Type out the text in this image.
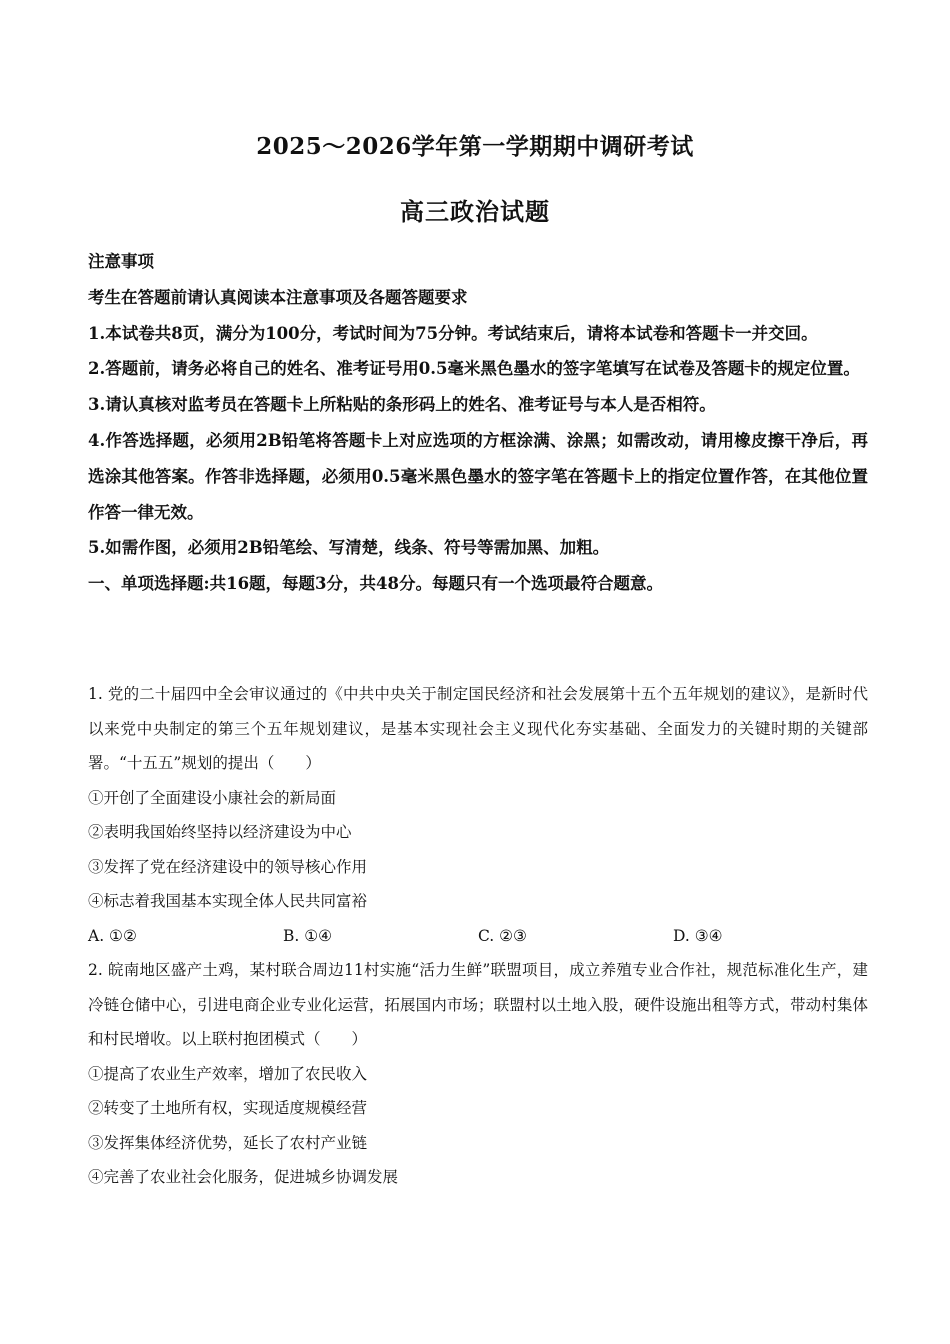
2025～2026学年第一学期期中调研考试
高三政治试题

注意事项

考生在答题前请认真阅读本注意事项及各题答题要求

1.本试卷共8页，满分为100分，考试时间为75分钟。考试结束后，请将本试卷和答题卡一并交回。

2.答题前，请务必将自己的姓名、准考证号用0.5毫米黑色墨水的签字笔填写在试卷及答题卡的规定位置。

3.请认真核对监考员在答题卡上所粘贴的条形码上的姓名、准考证号与本人是否相符。

4.作答选择题，必须用2B铅笔将答题卡上对应选项的方框涂满、涂黑；如需改动，请用橡皮擦干净后，再选涂其他答案。作答非选择题，必须用0.5毫米黑色墨水的签字笔在答题卡上的指定位置作答，在其他位置作答一律无效。

5.如需作图，必须用2B铅笔绘、写清楚，线条、符号等需加黑、加粗。

一、单项选择题:共16题，每题3分，共48分。每题只有一个选项最符合题意。

1. 党的二十届四中全会审议通过的《中共中央关于制定国民经济和社会发展第十五个五年规划的建议》，是新时代以来党中央制定的第三个五年规划建议，是基本实现社会主义现代化夯实基础、全面发力的关键时期的关键部署。“十五五”规划的提出（　　）

①开创了全面建设小康社会的新局面

②表明我国始终坚持以经济建设为中心

③发挥了党在经济建设中的领导核心作用

④标志着我国基本实现全体人民共同富裕

A. ①②	B. ①④	C. ②③	D. ③④

2. 皖南地区盛产土鸡，某村联合周边11村实施“活力生鲜”联盟项目，成立养殖专业合作社，规范标准化生产，建冷链仓储中心，引进电商企业专业化运营，拓展国内市场；联盟村以土地入股，硬件设施出租等方式，带动村集体和村民增收。以上联村抱团模式（　　）

①提高了农业生产效率，增加了农民收入

②转变了土地所有权，实现适度规模经营

③发挥集体经济优势，延长了农村产业链

④完善了农业社会化服务，促进城乡协调发展
